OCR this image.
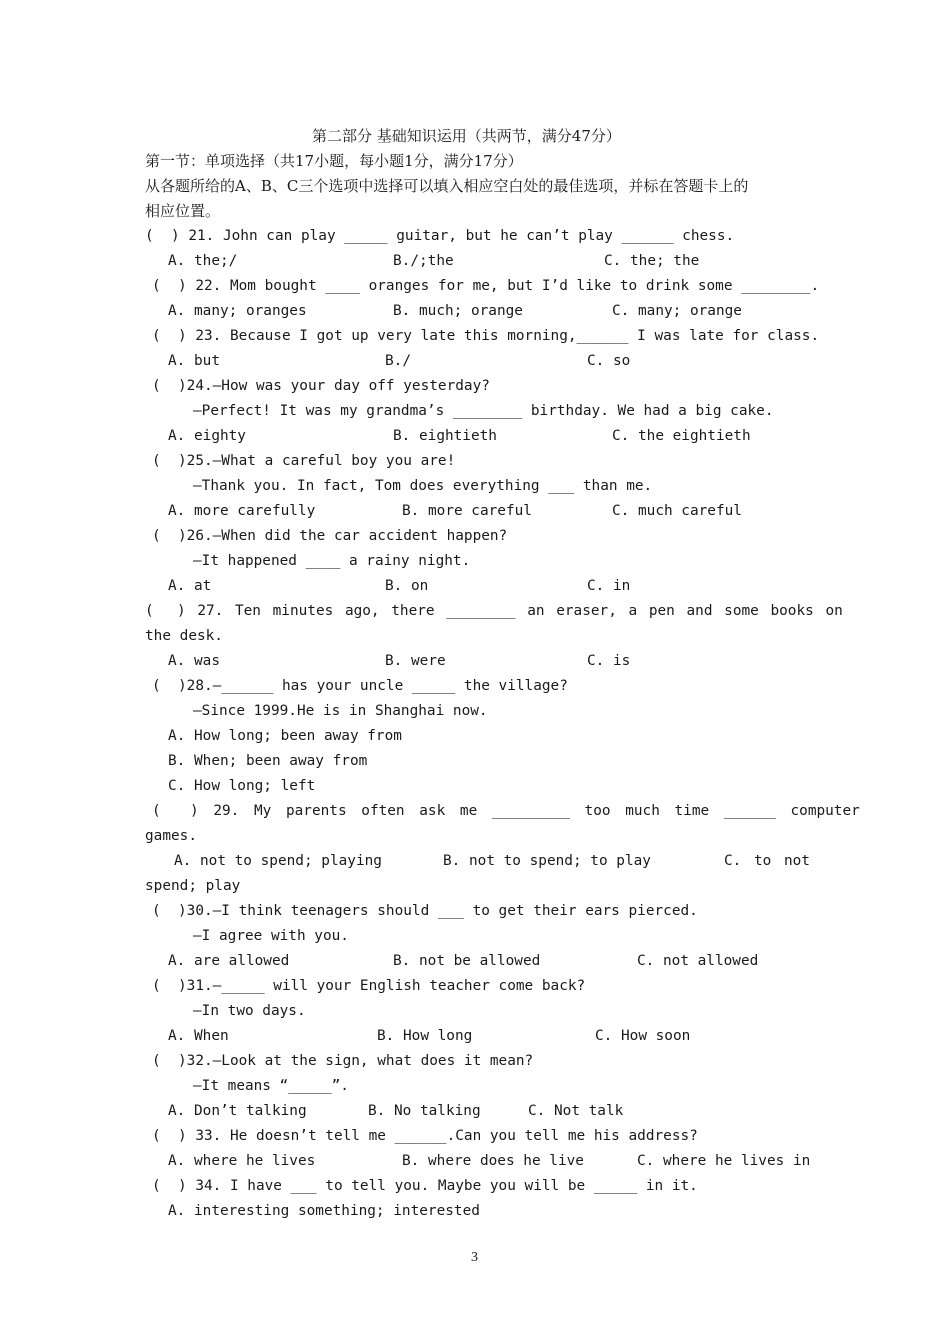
第二部分 基础知识运用（共两节，满分47分）
第一节：单项选择（共17小题，每小题1分，满分17分）
从各题所给的A、B、C三个选项中选择可以填入相应空白处的最佳选项，并标在答题卡上的
相应位置。
(  ) 21. John can play _____ guitar, but he can’t play ______ chess.
A. the;/	B./;the	C. the; the
(  ) 22. Mom bought ____ oranges for me, but I’d like to drink some ________.
A. many; oranges	B. much; orange	C. many; orange
(  ) 23. Because I got up very late this morning,______ I was late for class.
A. but	B./	C. so
(  )24.—How was your day off yesterday?
—Perfect! It was my grandma’s ________ birthday. We had a big cake.
A. eighty	B. eightieth	C. the eightieth
(  )25.—What a careful boy you are!
—Thank you. In fact, Tom does everything ___ than me.
A. more carefully	B. more careful	C. much careful
(  )26.—When did the car accident happen?
—It happened ____ a rainy night.
A. at	B. on	C. in
(  ) 27. Ten minutes ago, there ________ an eraser, a pen and some books on
the desk.
A. was	B. were	C. is
(  )28.—______ has your uncle _____ the village?
—Since 1999.He is in Shanghai now.
A. How long; been away from
B. When; been away from
C. How long; left
(  ) 29. My parents often ask me _________ too much time ______ computer
games.
A. not to spend; playing	B. not to spend; to play	C. to not
spend; play
(  )30.—I think teenagers should ___ to get their ears pierced.
—I agree with you.
A. are allowed	B. not be allowed	C. not allowed
(  )31.—_____ will your English teacher come back?
—In two days.
A. When	B. How long	C. How soon
(  )32.—Look at the sign, what does it mean?
—It means “_____”.
A. Don’t talking	B. No talking	C. Not talk
(  ) 33. He doesn’t tell me ______.Can you tell me his address?
A. where he lives	B. where does he live	C. where he lives in
(  ) 34. I have ___ to tell you. Maybe you will be _____ in it.
A. interesting something; interested
3
